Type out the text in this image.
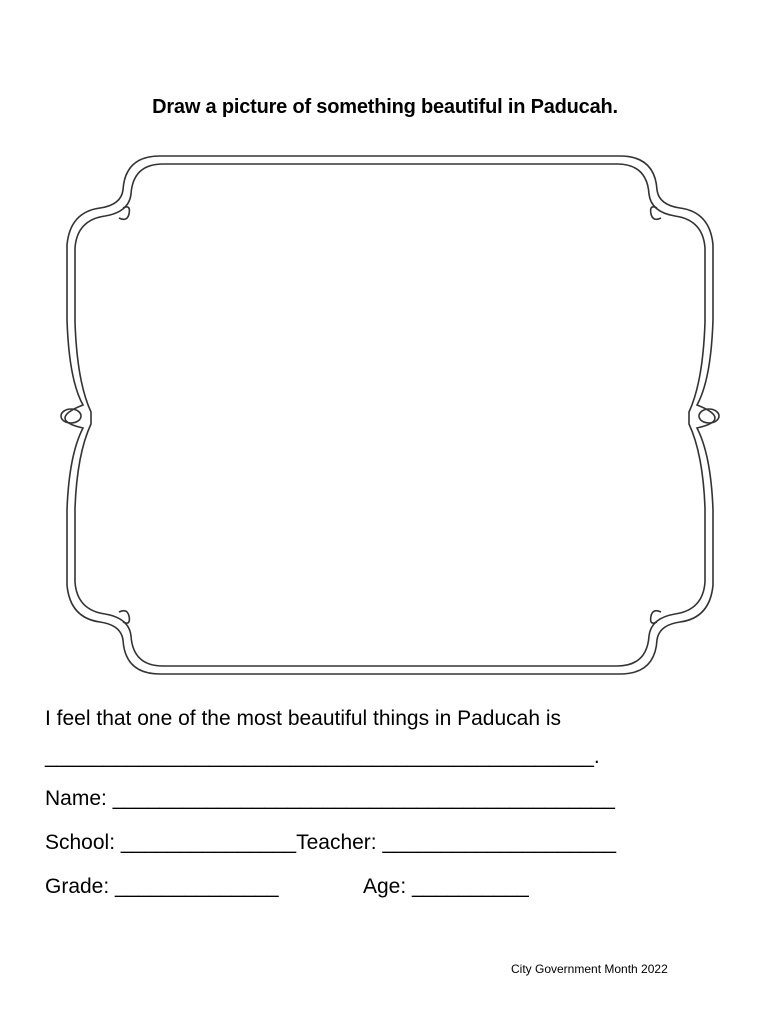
Draw a picture of something beautiful in Paducah.
I feel that one of the most beautiful things in Paducah is
_______________________________________________.
Name: ___________________________________________
School: _______________Teacher: ____________________
Grade: ______________	Age: __________
City Government Month 2022
